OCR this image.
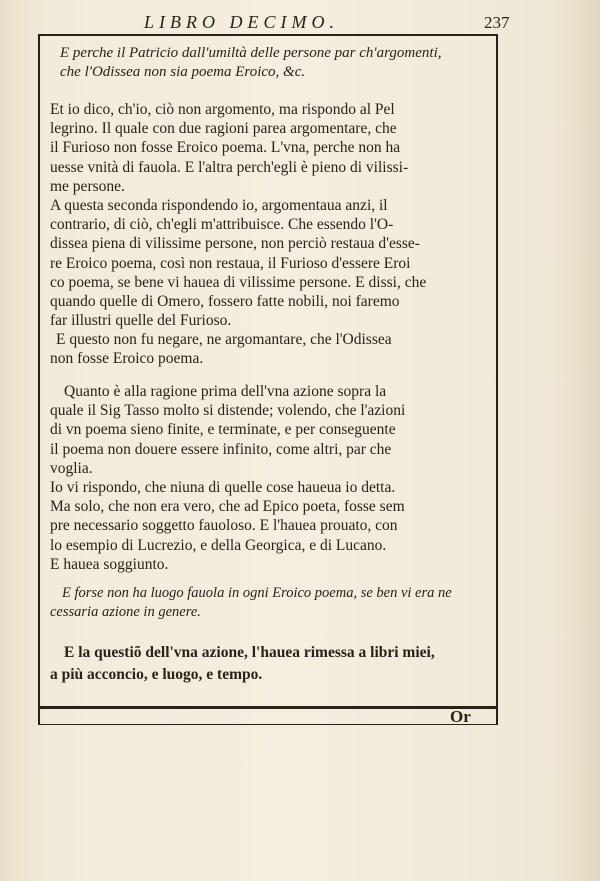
LIBRO DECIMO.	237
E perche il Patricio dall'umiltà delle persone par ch'argomenti,
che l'Odissea non sia poema Eroico, &c.
Et io dico, ch'io, ciò non argomento, ma rispondo al Pel
legrino. Il quale con due ragioni parea argomentare, che
il Furioso non fosse Eroico poema. L'vna, perche non ha
uesse vnità di fauola. E l'altra perch'egli è pieno di vilissi-
me persone.
A questa seconda rispondendo io, argomentaua anzi, il
contrario, di ciò, ch'egli m'attribuisce. Che essendo l'O-
dissea piena di vilissime persone, non perciò restaua d'esse-
re Eroico poema, così non restaua, il Furioso d'essere Eroi
co poema, se bene vi hauea di vilissime persone. E dissi, che
quando quelle di Omero, fossero fatte nobili, noi faremo
far illustri quelle del Furioso.
E questo non fu negare, ne argomantare, che l'Odissea
non fosse Eroico poema.
Quanto è alla ragione prima dell'vna azione sopra la
quale il Sig Tasso molto si distende; volendo, che l'azioni
di vn poema sieno finite, e terminate, e per conseguente
il poema non douere essere infinito, come altri, par che
voglia.
Io vi rispondo, che niuna di quelle cose haueua io detta.
Ma solo, che non era vero, che ad Epico poeta, fosse sem
pre necessario soggetto fauoloso. E l'hauea prouato, con
lo esempio di Lucrezio, e della Georgica, e di Lucano.
E hauea soggiunto.
E forse non ha luogo fauola in ogni Eroico poema, se ben vi era ne
cessaria azione in genere.
E la questiõ dell'vna azione, l'hauea rimessa a libri miei,
a più acconcio, e luogo, e tempo.
Or
